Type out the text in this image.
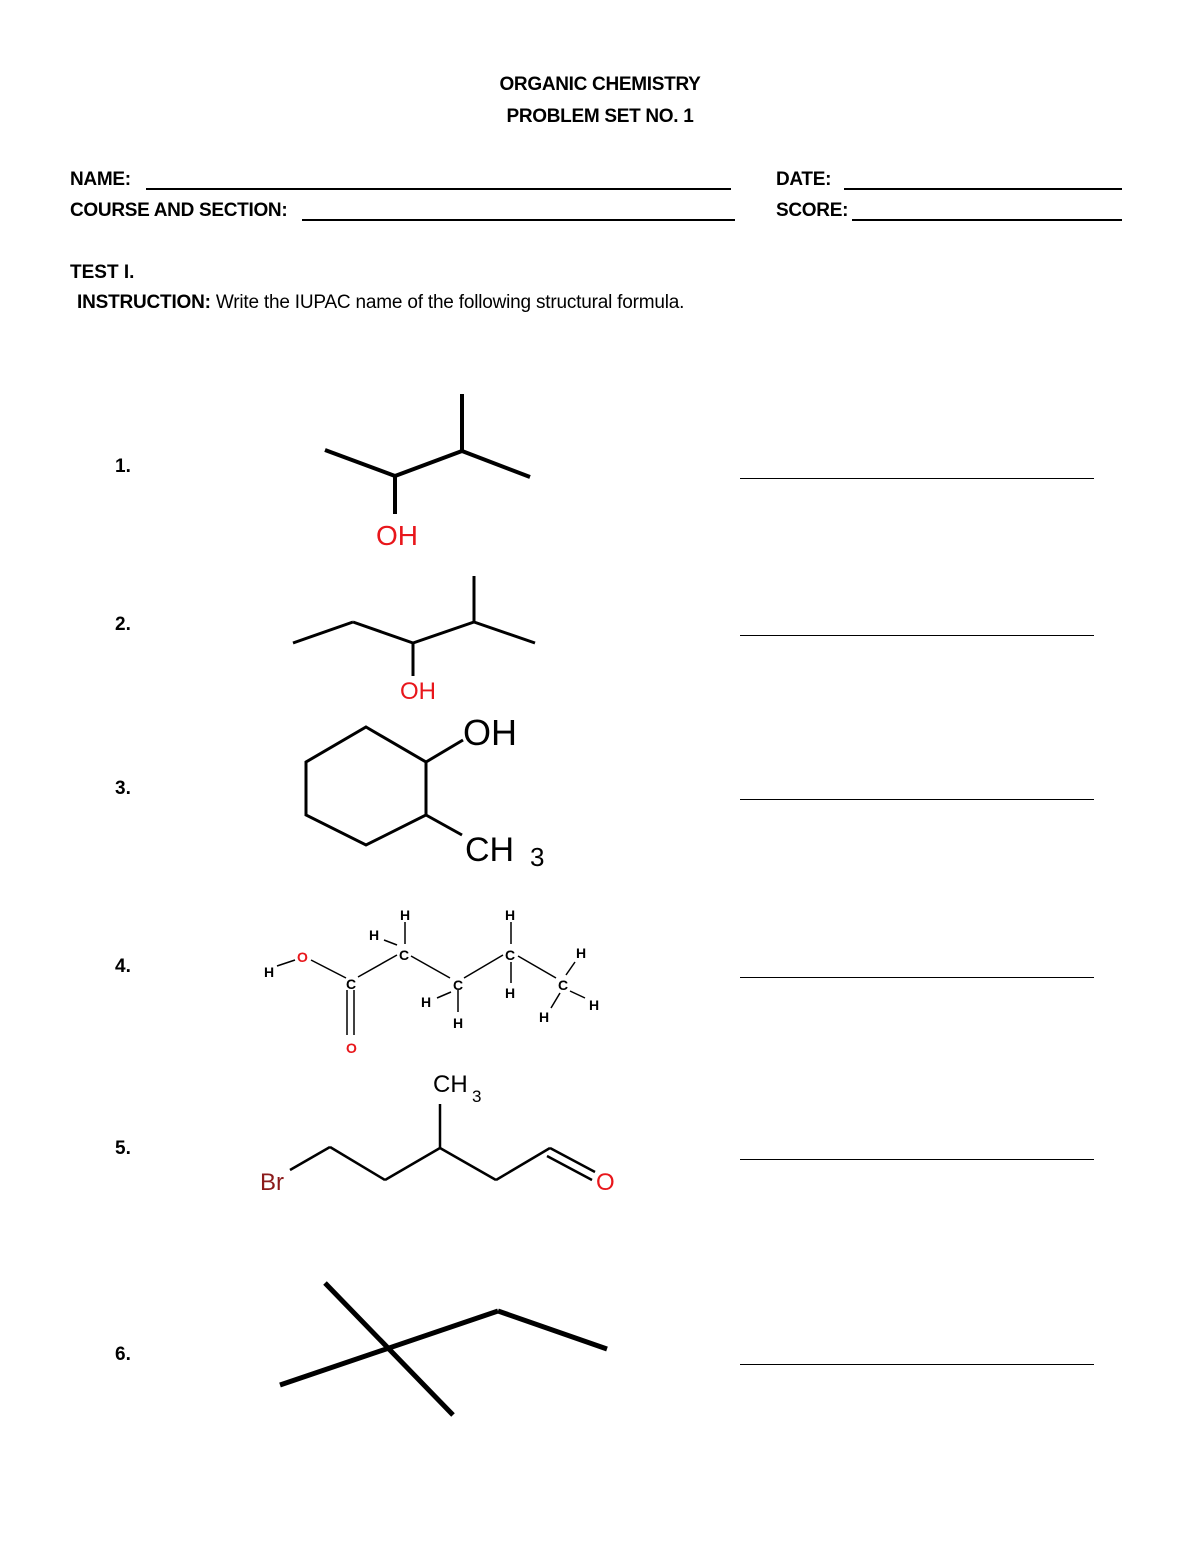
ORGANIC CHEMISTRY
PROBLEM SET NO. 1
NAME:
COURSE AND SECTION:
DATE:
SCORE:
TEST I.
INSTRUCTION: Write the IUPAC name of the following structural formula.
1.
OH
2.
OH
3.
OH
CH 3
4.	H
O
C
O
H
H
C
H
C
H
H
C
H
H
C
H
H
5.
CH 3
Br	O
6.
